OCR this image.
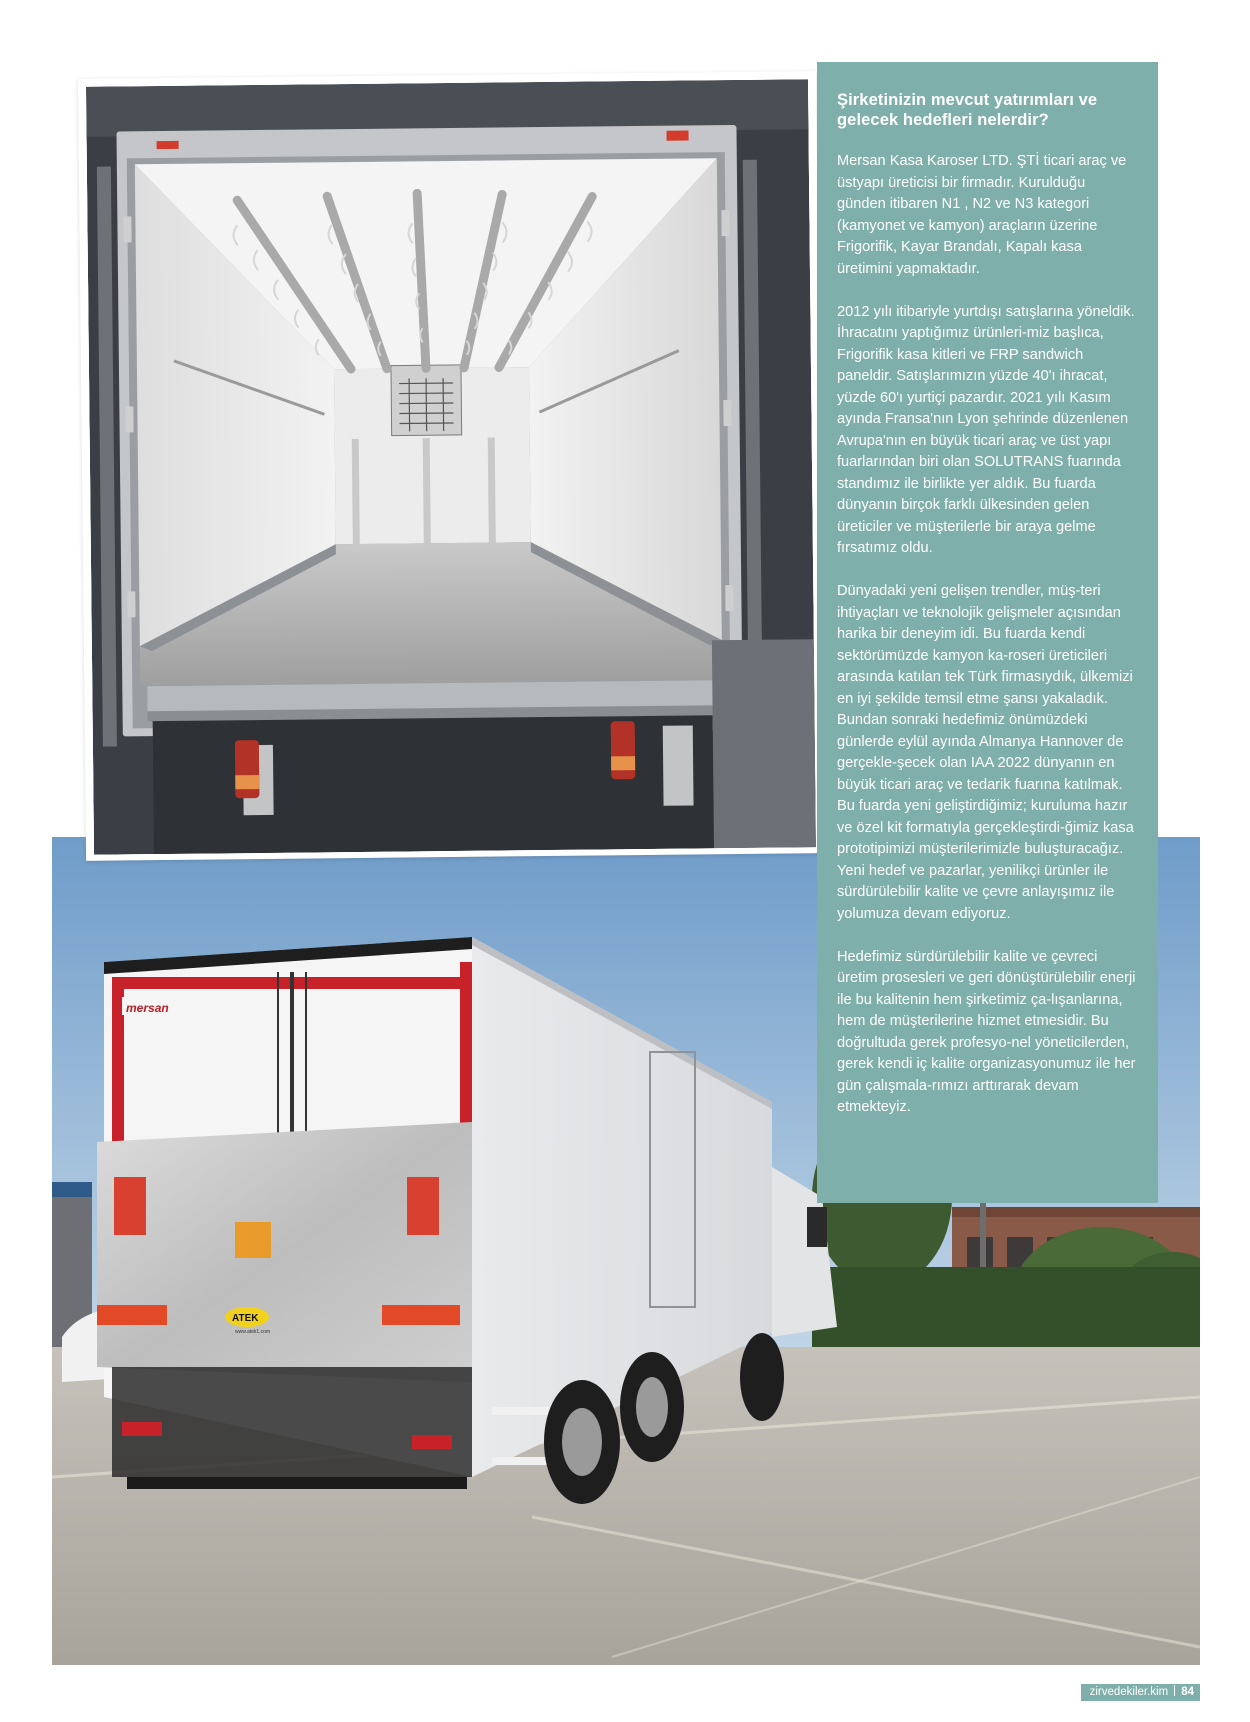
mersan
ATEK
www.atek1.com
Şirketinizin mevcut yatırımları ve gelecek hedefleri nelerdir?

Mersan Kasa Karoser LTD. ŞTİ ticari araç ve üstyapı üreticisi bir firmadır. Kurulduğu günden itibaren N1 , N2 ve N3 kategori (kamyonet ve kamyon) araçların üzerine Frigorifik, Kayar Brandalı, Kapalı kasa üretimini yapmaktadır.

2012 yılı itibariyle yurtdışı satışlarına yöneldik. İhracatını yaptığımız ürünleri-miz başlıca, Frigorifik kasa kitleri ve FRP sandwich paneldir. Satışlarımızın yüzde 40'ı ihracat, yüzde 60'ı yurtiçi pazardır. 2021 yılı Kasım ayında Fransa'nın Lyon şehrinde düzenlenen Avrupa'nın en büyük ticari araç ve üst yapı fuarlarından biri olan SOLUTRANS fuarında standımız ile birlikte yer aldık. Bu fuarda dünyanın birçok farklı ülkesinden gelen üreticiler ve müşterilerle bir araya gelme fırsatımız oldu.

Dünyadaki yeni gelişen trendler, müş-teri ihtiyaçları ve teknolojik gelişmeler açısından harika bir deneyim idi. Bu fuarda kendi sektörümüzde kamyon ka-roseri üreticileri arasında katılan tek Türk firmasıydık, ülkemizi en iyi şekilde temsil etme şansı yakaladık. Bundan sonraki hedefimiz önümüzdeki günlerde eylül ayında Almanya Hannover de gerçekle-şecek olan IAA 2022 dünyanın en büyük ticari araç ve tedarik fuarına katılmak. Bu fuarda yeni geliştirdiğimiz; kuruluma hazır ve özel kit formatıyla gerçekleştirdi-ğimiz kasa prototipimizi müşterilerimizle buluşturacağız. Yeni hedef ve pazarlar, yenilikçi ürünler ile sürdürülebilir kalite ve çevre anlayışımız ile yolumuza devam ediyoruz.

Hedefimiz sürdürülebilir kalite ve çevreci üretim prosesleri ve geri dönüştürülebilir enerji ile bu kalitenin hem şirketimiz ça-lışanlarına, hem de müşterilerine hizmet etmesidir. Bu doğrultuda gerek profesyo-nel yöneticilerden, gerek kendi iç kalite organizasyonumuz ile her gün çalışmala-rımızı arttırarak devam etmekteyiz.

zirvedekiler.kim 84
